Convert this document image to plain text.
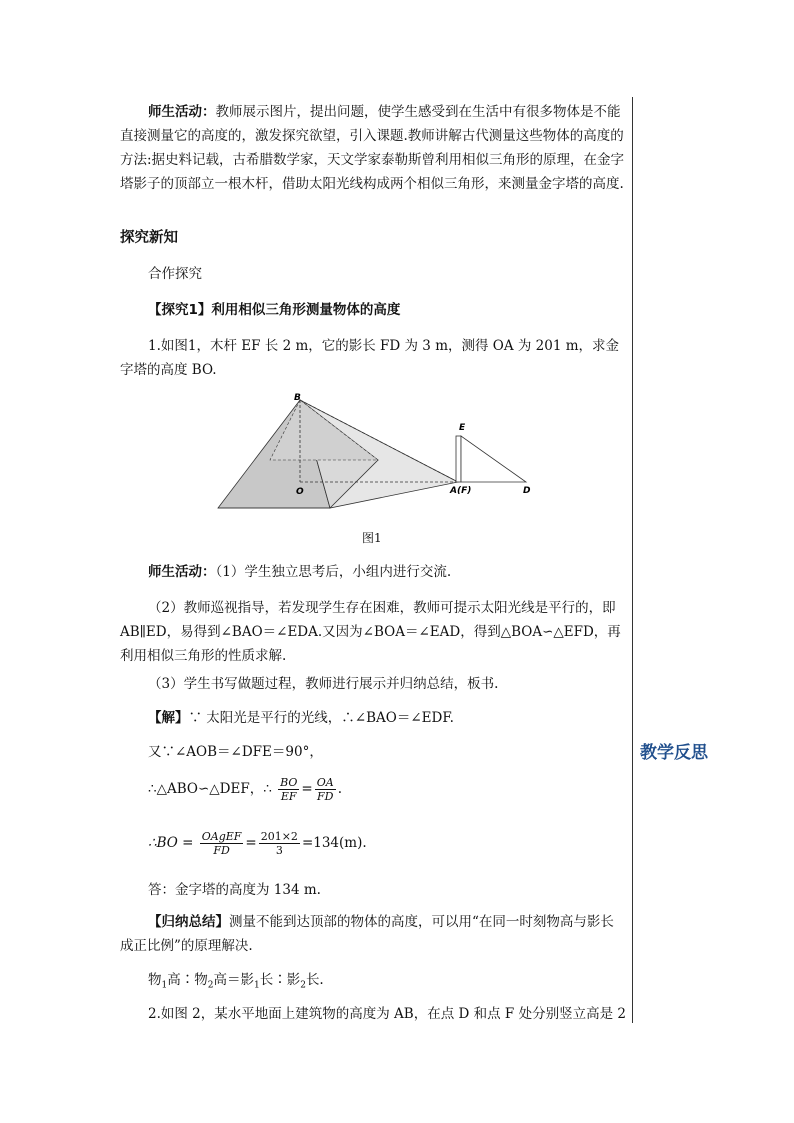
师生活动：教师展示图片，提出问题，使学生感受到在生活中有很多物体是不能直接测量它的高度的，激发探究欲望，引入课题.教师讲解古代测量这些物体的高度的方法:据史料记载，古希腊数学家，天文学家泰勒斯曾利用相似三角形的原理，在金字塔影子的顶部立一根木杆，借助太阳光线构成两个相似三角形，来测量金字塔的高度.

探究新知
合作探究
【探究1】利用相似三角形测量物体的高度

1.如图1，木杆 EF 长 2 m，它的影长 FD 为 3 m，测得 OA 为 201 m，求金字塔的高度 BO.

B
O
E
A(F)	D
图1
师生活动：（1）学生独立思考后，小组内进行交流.

（2）教师巡视指导，若发现学生存在困难，教师可提示太阳光线是平行的，即 AB∥ED，易得到∠BAO＝∠EDA.又因为∠BOA＝∠EAD，得到△BOA∽△EFD，再利用相似三角形的性质求解.

（3）学生书写做题过程，教师进行展示并归纳总结，板书.
【解】∵ 太阳光是平行的光线，∴∠BAO＝∠EDF.
又∵∠AOB＝∠DFE＝90°，
∴△ABO∽△DEF，∴ $\frac{BO}{EF} = \frac{OA}{FD}$ .
∴BO = $\frac{\text{OAgEF}}{FD} = \frac{201\times 2}{3} =134(m)$.
答：金字塔的高度为 134 m.

【归纳总结】测量不能到达顶部的物体的高度，可以用“在同一时刻物高与影长成正比例”的原理解决.

物$_1$高∶物$_2$高＝影$_1$长∶影$_2$长.
2.如图 2，某水平地面上建筑物的高度为 AB，在点 D 和点 F 处分别竖立高是 2
教学反思
